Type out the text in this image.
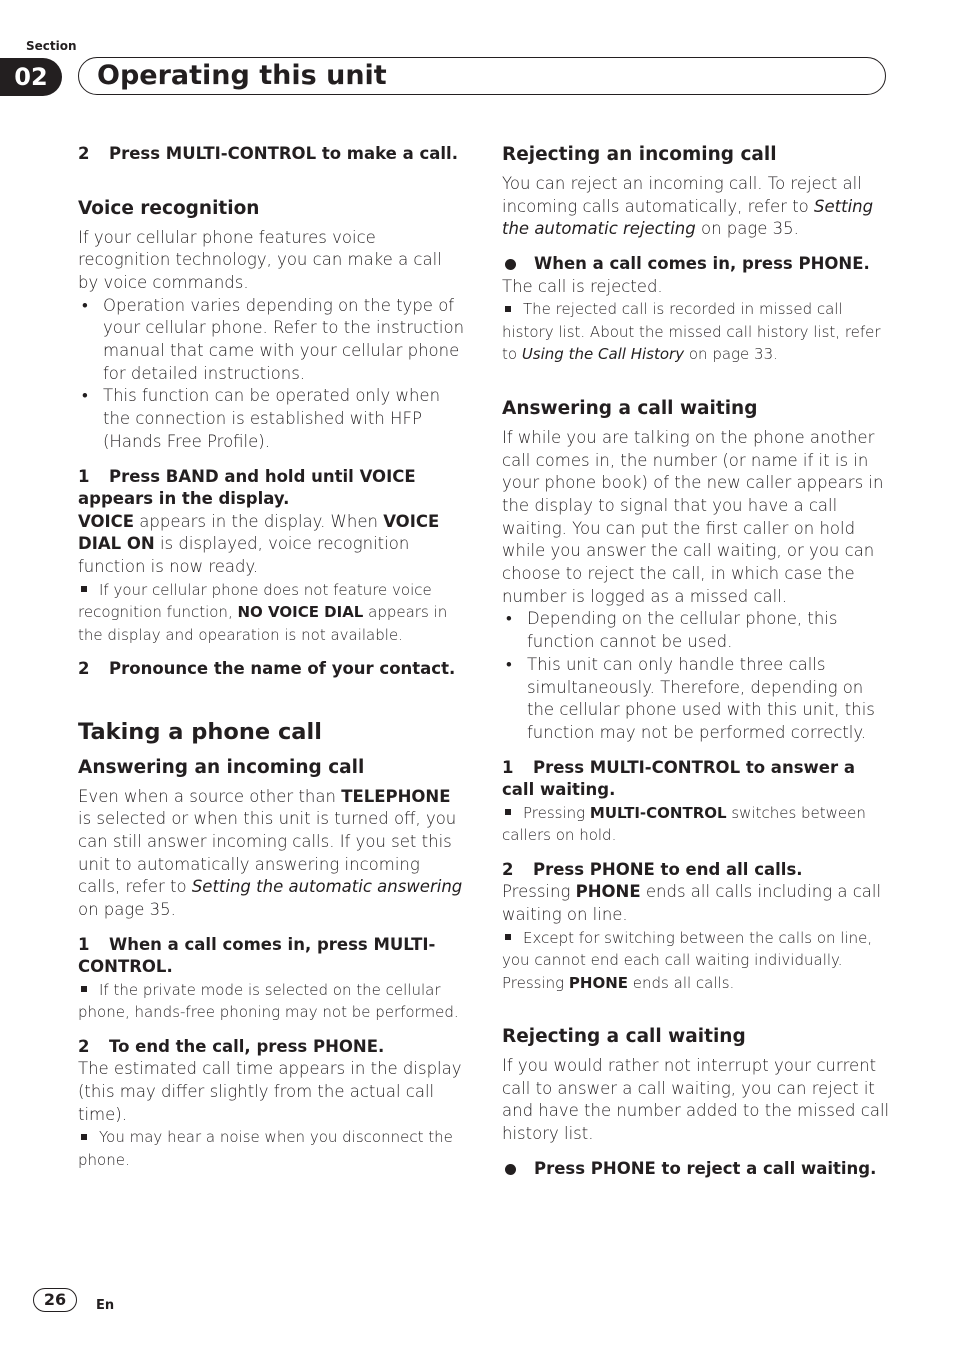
Section
02	Operating this unit

2 Press MULTI-CONTROL to make a call.

Voice recognition

If your cellular phone features voice recognition technology, you can make a call by voice commands.

• Operation varies depending on the type of your cellular phone. Refer to the instruction manual that came with your cellular phone for detailed instructions.
• This function can be operated only when the connection is established with HFP (Hands Free Profile).

1 Press BAND and hold until VOICE appears in the display.

VOICE appears in the display. When VOICE DIAL ON is displayed, voice recognition function is now ready.

If your cellular phone does not feature voice recognition function, NO VOICE DIAL appears in the display and opearation is not available.

2 Pronounce the name of your contact.

Taking a phone call
Answering an incoming call

Even when a source other than TELEPHONE is selected or when this unit is turned off, you can still answer incoming calls. If you set this unit to automatically answering incoming calls, refer to Setting the automatic answering on page 35.

1 When a call comes in, press MULTI-CONTROL.

If the private mode is selected on the cellular phone, hands-free phoning may not be performed.

2 To end the call, press PHONE.

The estimated call time appears in the display (this may differ slightly from the actual call time).

You may hear a noise when you disconnect the phone.

Rejecting an incoming call

You can reject an incoming call. To reject all incoming calls automatically, refer to Setting the automatic rejecting on page 35.

When a call comes in, press PHONE.

The call is rejected.

The rejected call is recorded in missed call history list. About the missed call history list, refer to Using the Call History on page 33.

Answering a call waiting

If while you are talking on the phone another call comes in, the number (or name if it is in your phone book) of the new caller appears in the display to signal that you have a call waiting. You can put the first caller on hold while you answer the call waiting, or you can choose to reject the call, in which case the number is logged as a missed call.

• Depending on the cellular phone, this function cannot be used.
• This unit can only handle three calls simultaneously. Therefore, depending on the cellular phone used with this unit, this function may not be performed correctly.

1 Press MULTI-CONTROL to answer a call waiting.

Pressing MULTI-CONTROL switches between callers on hold.

2 Press PHONE to end all calls.

Pressing PHONE ends all calls including a call waiting on line.

Except for switching between the calls on line, you cannot end each call waiting individually. Pressing PHONE ends all calls.

Rejecting a call waiting

If you would rather not interrupt your current call to answer a call waiting, you can reject it and have the number added to the missed call history list.

Press PHONE to reject a call waiting.

26	En
